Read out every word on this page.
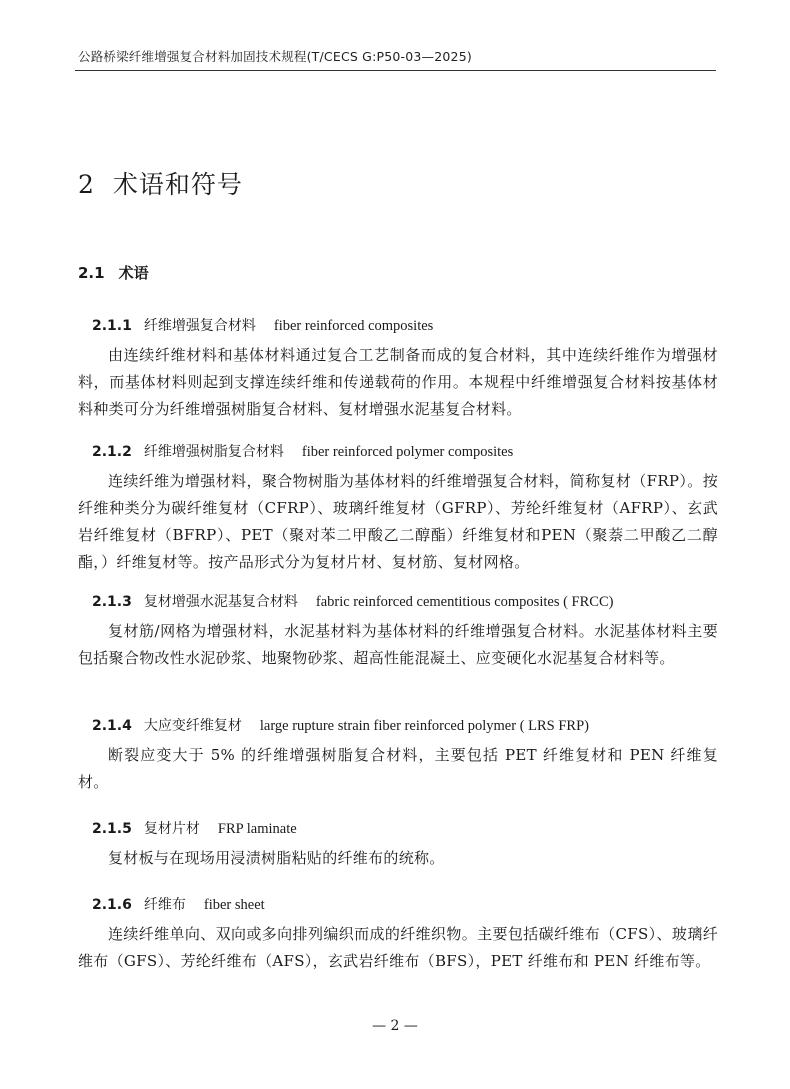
公路桥梁纤维增强复合材料加固技术规程(T/CECS G:P50-03—2025)
2 术语和符号
2.1 术语

2.1.1 纤维增强复合材料 fiber reinforced composites

由连续纤维材料和基体材料通过复合工艺制备而成的复合材料，其中连续纤维作为增强材料，而基体材料则起到支撑连续纤维和传递载荷的作用。本规程中纤维增强复合材料按基体材料种类可分为纤维增强树脂复合材料、复材增强水泥基复合材料。

2.1.2 纤维增强树脂复合材料 fiber reinforced polymer composites

连续纤维为增强材料，聚合物树脂为基体材料的纤维增强复合材料，简称复材（FRP）。按纤维种类分为碳纤维复材（CFRP）、玻璃纤维复材（GFRP）、芳纶纤维复材（AFRP）、玄武岩纤维复材（BFRP）、PET（聚对苯二甲酸乙二醇酯）纤维复材和PEN（聚萘二甲酸乙二醇酯，）纤维复材等。按产品形式分为复材片材、复材筋、复材网格。

2.1.3 复材增强水泥基复合材料 fabric reinforced cementitious composites ( FRCC)

复材筋/网格为增强材料，水泥基材料为基体材料的纤维增强复合材料。水泥基体材料主要包括聚合物改性水泥砂浆、地聚物砂浆、超高性能混凝土、应变硬化水泥基复合材料等。

2.1.4 大应变纤维复材 large rupture strain fiber reinforced polymer ( LRS FRP)

断裂应变大于 5% 的纤维增强树脂复合材料，主要包括 PET 纤维复材和 PEN 纤维复材。

2.1.5 复材片材 FRP laminate

复材板与在现场用浸渍树脂粘贴的纤维布的统称。

2.1.6 纤维布 fiber sheet

连续纤维单向、双向或多向排列编织而成的纤维织物。主要包括碳纤维布（CFS）、玻璃纤维布（GFS）、芳纶纤维布（AFS），玄武岩纤维布（BFS），PET 纤维布和 PEN 纤维布等。

— 2 —
